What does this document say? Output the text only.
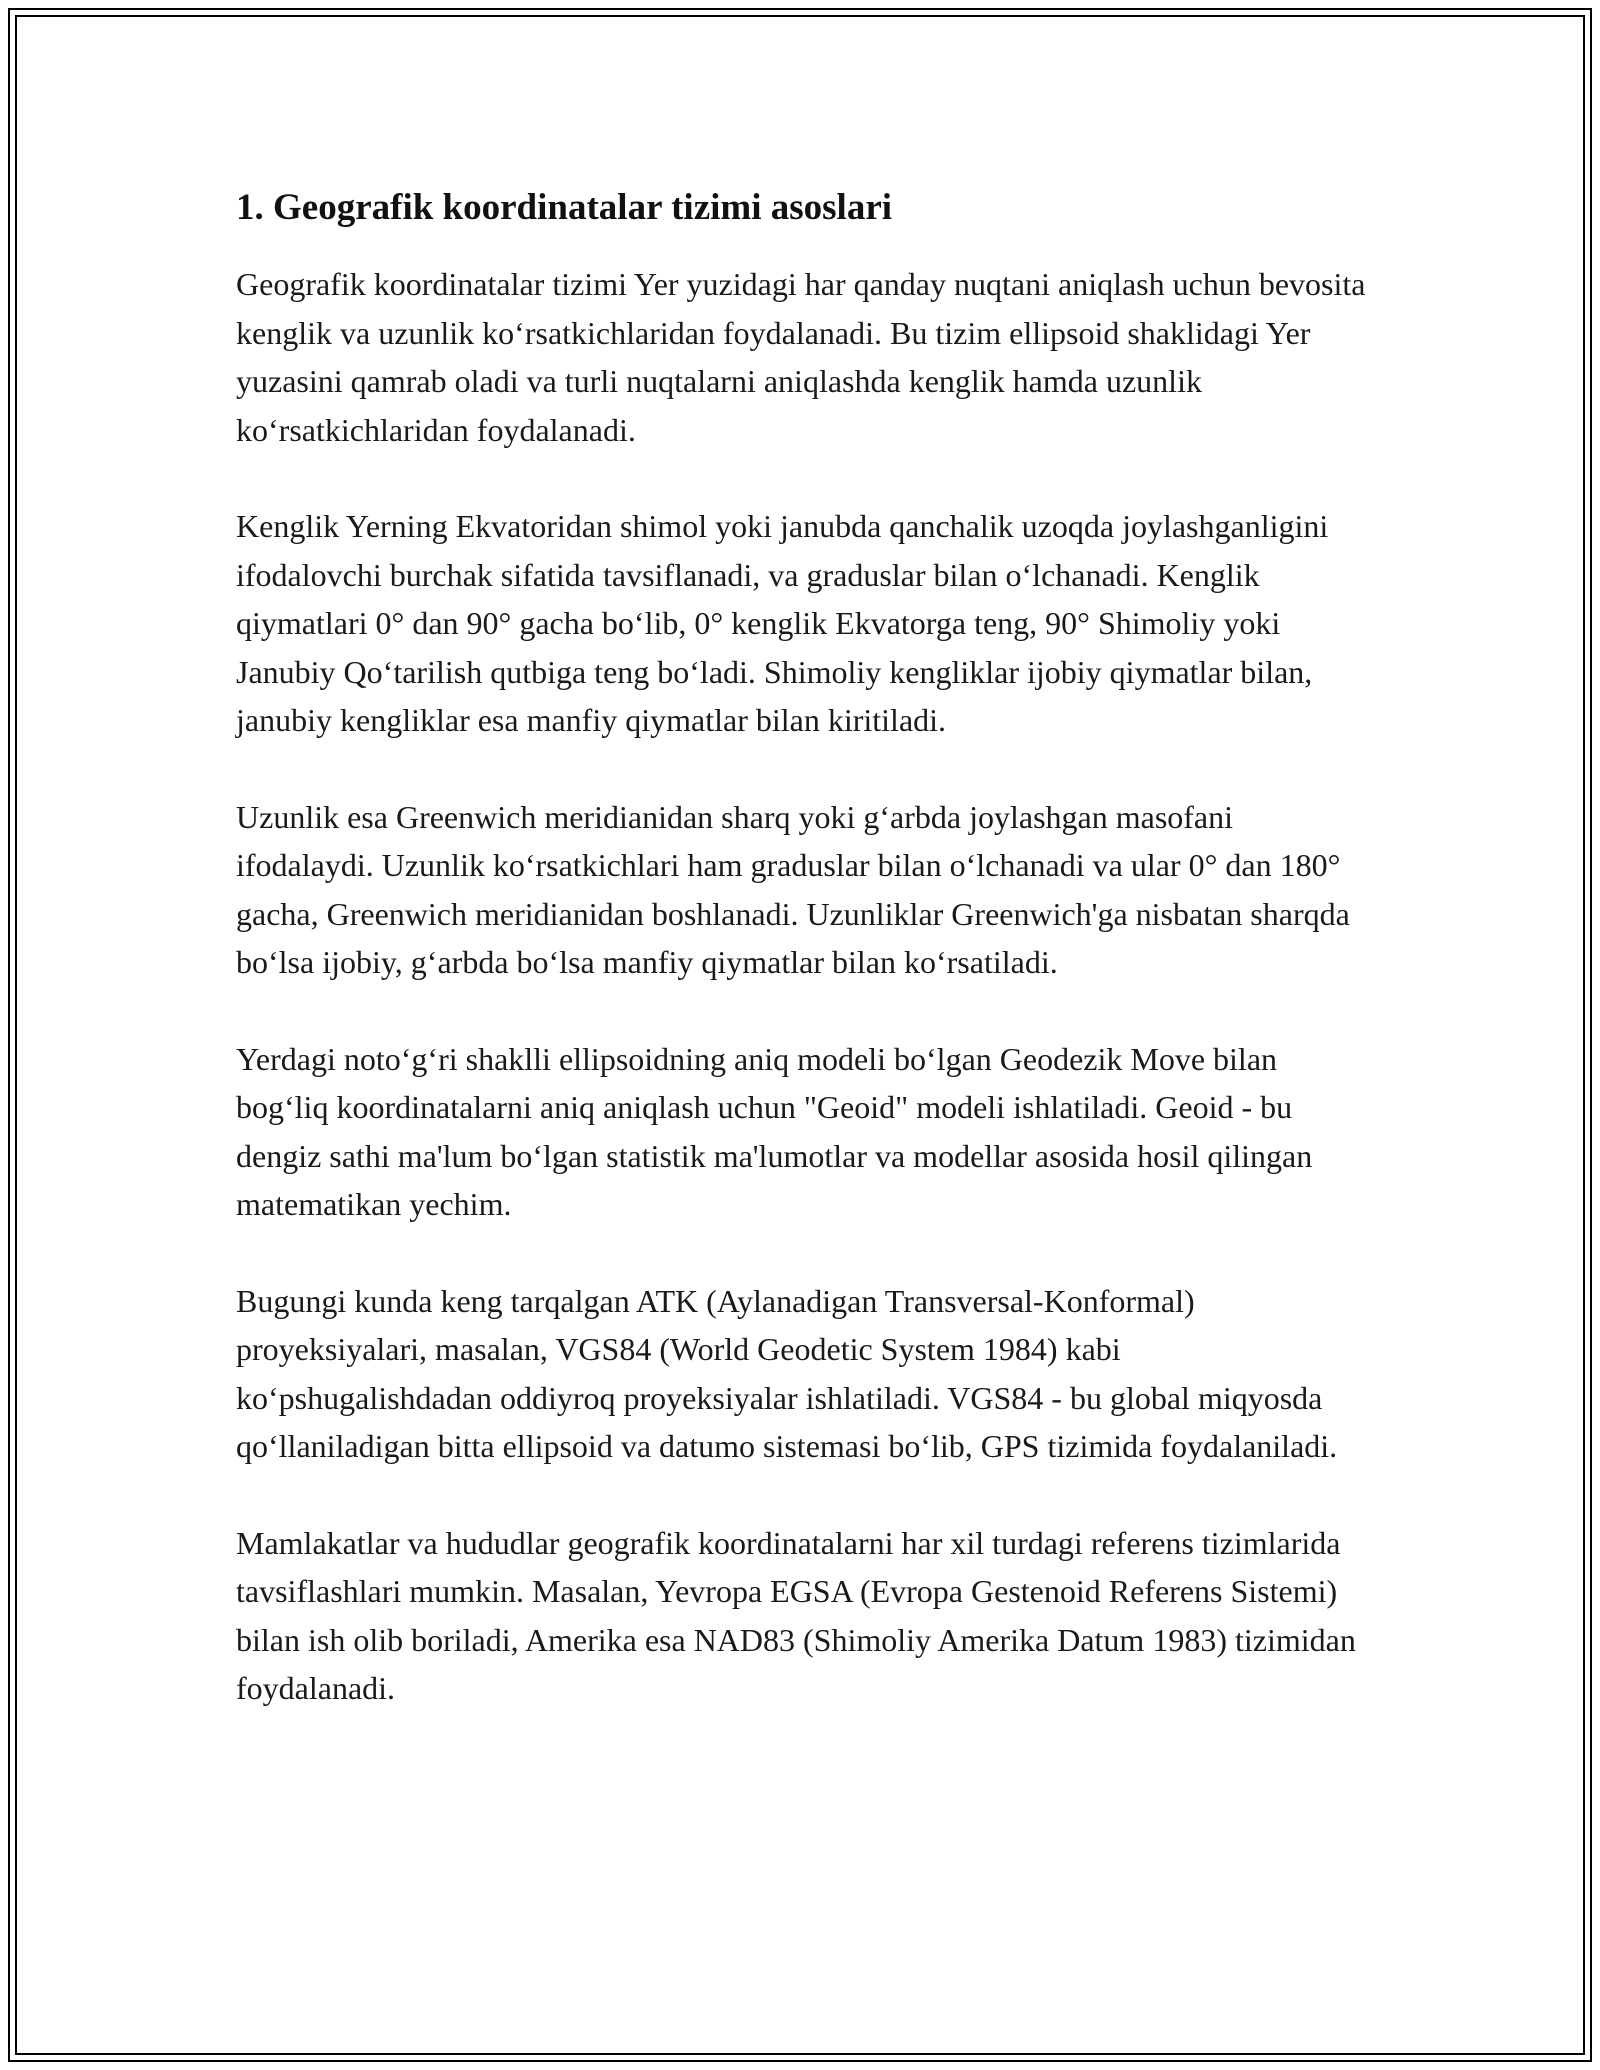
1. Geografik koordinatalar tizimi asoslari

Geografik koordinatalar tizimi Yer yuzidagi har qanday nuqtani aniqlash uchun bevosita kenglik va uzunlik ko‘rsatkichlaridan foydalanadi. Bu tizim ellipsoid shaklidagi Yer yuzasini qamrab oladi va turli nuqtalarni aniqlashda kenglik hamda uzunlik ko‘rsatkichlaridan foydalanadi.

Kenglik Yerning Ekvatoridan shimol yoki janubda qanchalik uzoqda joylashganligini ifodalovchi burchak sifatida tavsiflanadi, va graduslar bilan o‘lchanadi. Kenglik qiymatlari 0° dan 90° gacha bo‘lib, 0° kenglik Ekvatorga teng, 90° Shimoliy yoki Janubiy Qo‘tarilish qutbiga teng bo‘ladi. Shimoliy kengliklar ijobiy qiymatlar bilan, janubiy kengliklar esa manfiy qiymatlar bilan kiritiladi.

Uzunlik esa Greenwich meridianidan sharq yoki g‘arbda joylashgan masofani ifodalaydi. Uzunlik ko‘rsatkichlari ham graduslar bilan o‘lchanadi va ular 0° dan 180° gacha, Greenwich meridianidan boshlanadi. Uzunliklar Greenwich'ga nisbatan sharqda bo‘lsa ijobiy, g‘arbda bo‘lsa manfiy qiymatlar bilan ko‘rsatiladi.

Yerdagi noto‘g‘ri shaklli ellipsoidning aniq modeli bo‘lgan Geodezik Move bilan bog‘liq koordinatalarni aniq aniqlash uchun "Geoid" modeli ishlatiladi. Geoid - bu dengiz sathi ma'lum bo‘lgan statistik ma'lumotlar va modellar asosida hosil qilingan matematikan yechim.

Bugungi kunda keng tarqalgan ATK (Aylanadigan Transversal-Konformal) proyeksiyalari, masalan, VGS84 (World Geodetic System 1984) kabi ko‘pshugalishdadan oddiyroq proyeksiyalar ishlatiladi. VGS84 - bu global miqyosda qo‘llaniladigan bitta ellipsoid va datumo sistemasi bo‘lib, GPS tizimida foydalaniladi.

Mamlakatlar va hududlar geografik koordinatalarni har xil turdagi referens tizimlarida tavsiflashlari mumkin. Masalan, Yevropa EGSA (Evropa Gestenoid Referens Sistemi) bilan ish olib boriladi, Amerika esa NAD83 (Shimoliy Amerika Datum 1983) tizimidan foydalanadi.
